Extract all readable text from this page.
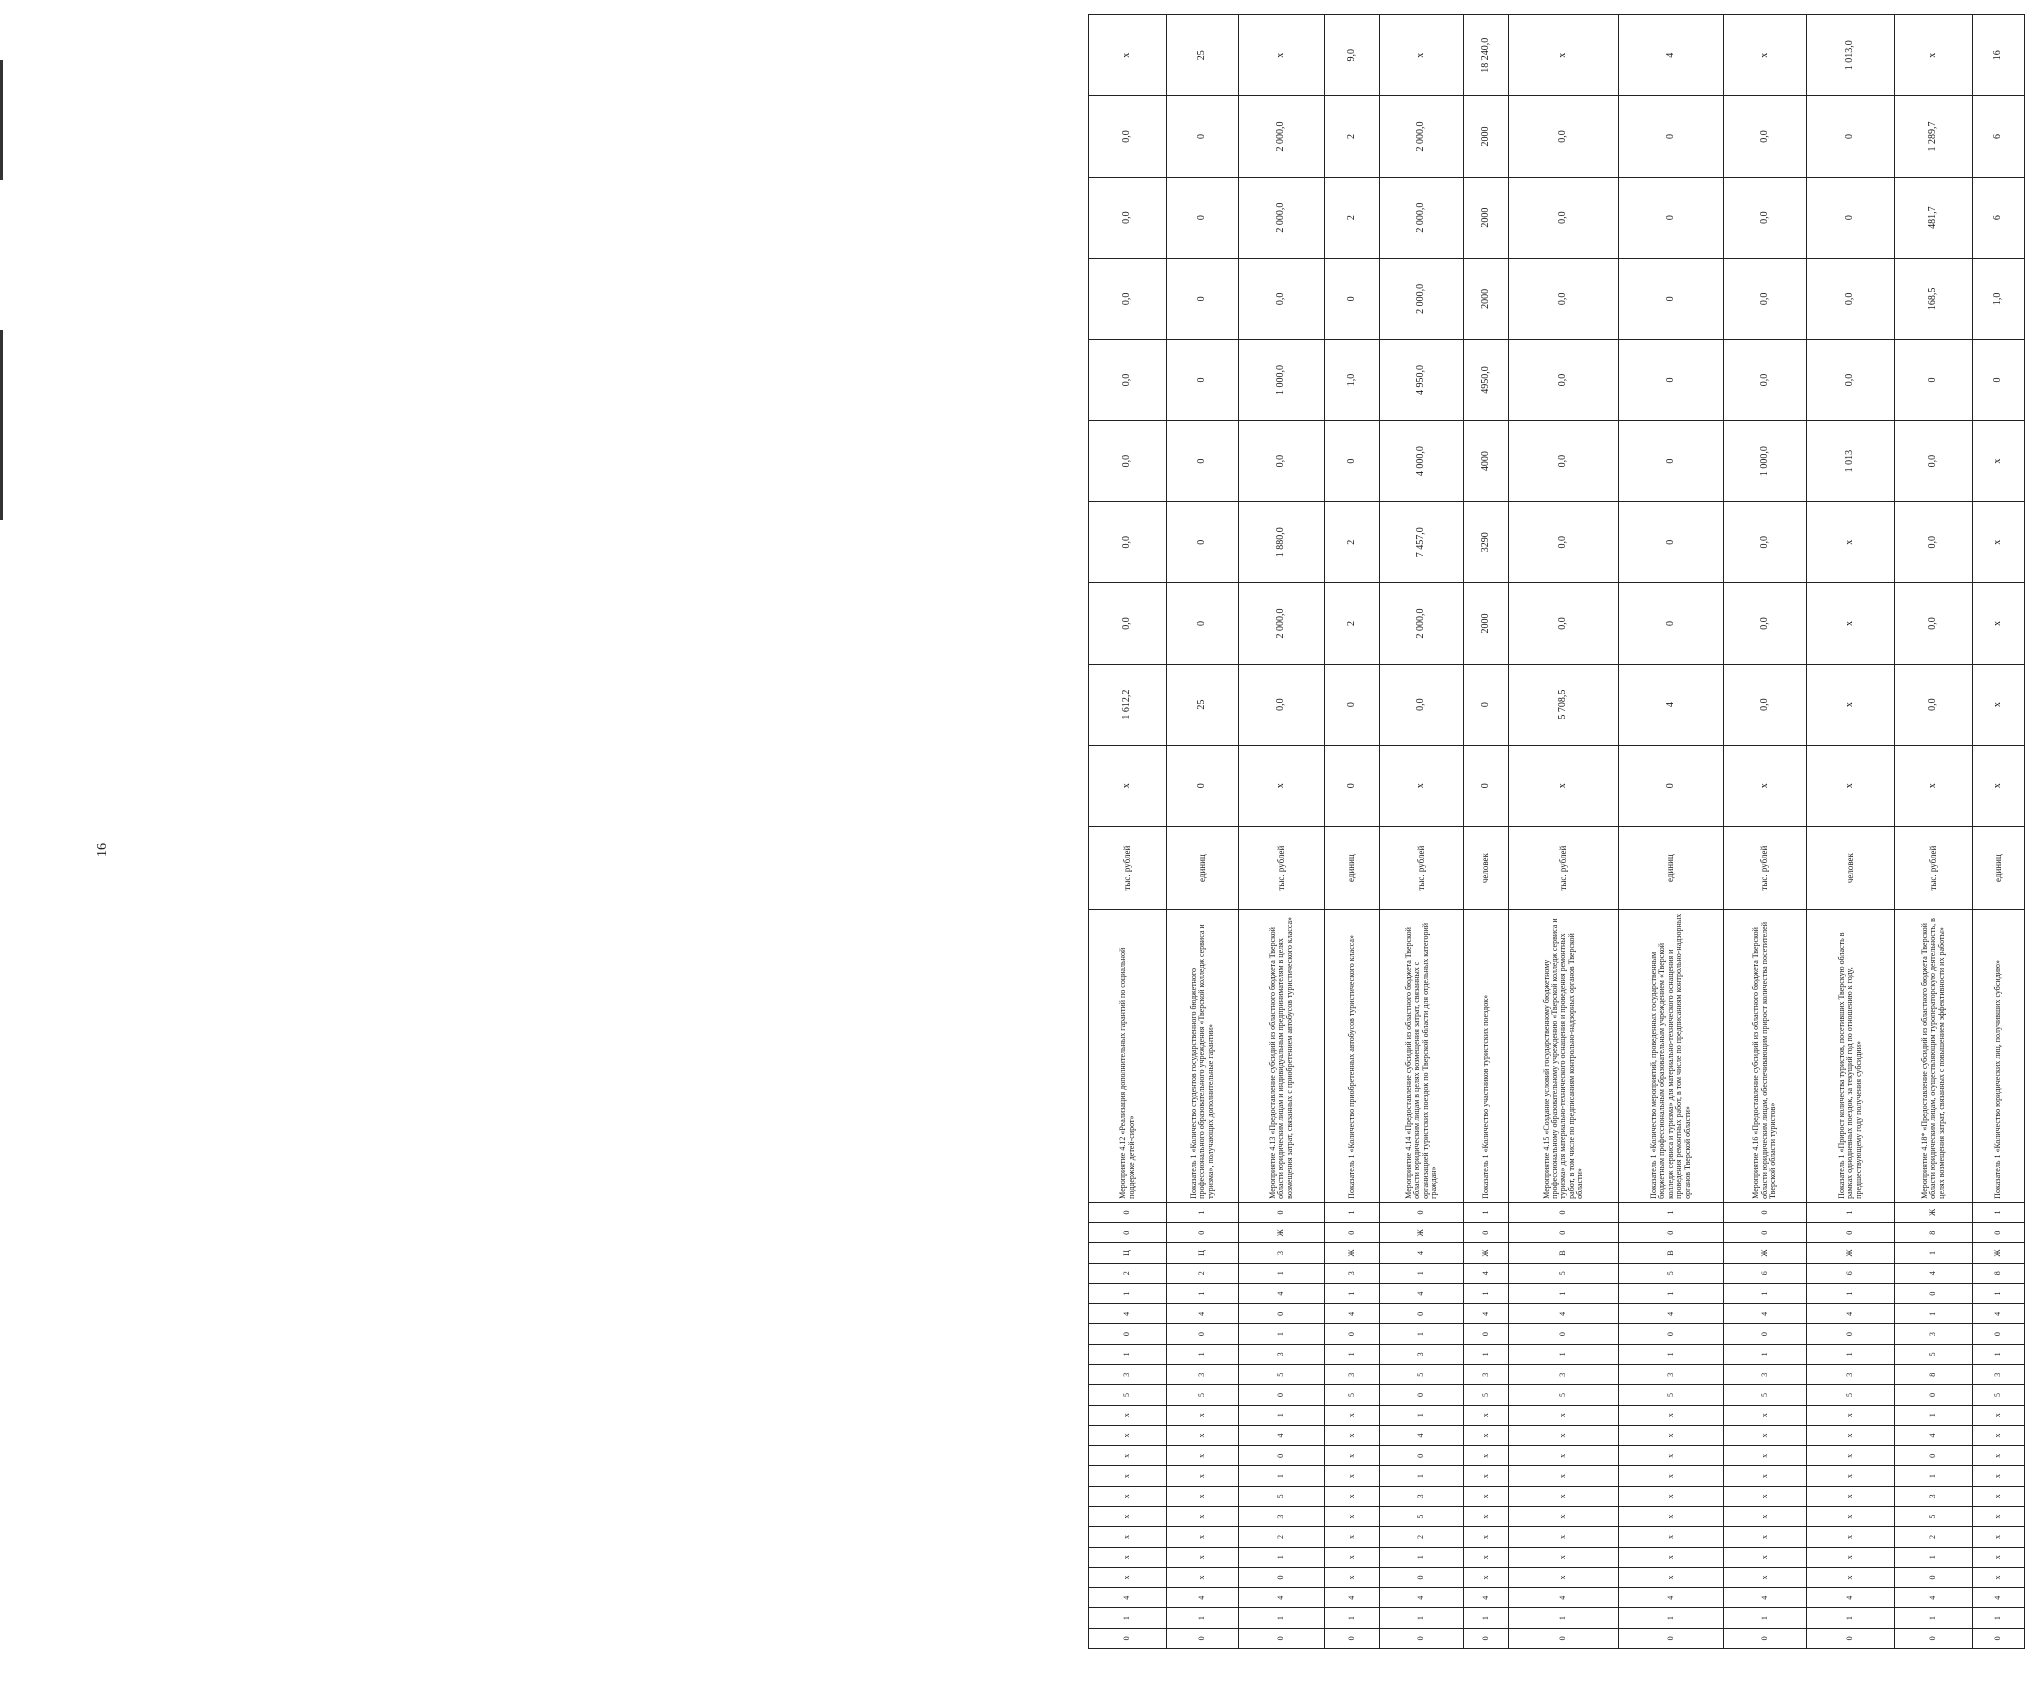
16
0	1	4	x	x	x	x	x	x	x	x	x	5	3	1	0	4	1	2	Ц	0	0	Мероприятие 4.12 «Реализация дополнительных гарантий по социальной поддержке детей-сирот»	тыс. рублей	x	1 612,2	0,0	0,0	0,0	0,0	0,0	0,0	0,0	x
0	1	4	x	x	x	x	x	x	x	x	x	5	3	1	0	4	1	2	Ц	0	1	Показатель 1 «Количество студентов государственного бюджетного профессионального образовательного учреждения «Тверской колледж сервиса и туризма», получающих дополнительные гарантии»	единиц	0	25	0	0	0	0	0	0	0	25
0	1	4	0	1	2	3	5	1	0	4	1	0	5	3	1	0	4	1	3	Ж	0	Мероприятие 4.13 «Предоставление субсидий из областного бюджета Тверской области юридическим лицам и индивидуальным предпринимателям в целях возмещения затрат, связанных с приобретением автобусов туристического класса»	тыс. рублей	x	0,0	2 000,0	1 880,0	0,0	1 000,0	0,0	2 000,0	2 000,0	x
0	1	4	x	x	x	x	x	x	x	x	x	5	3	1	0	4	1	3	Ж	0	1	Показатель 1 «Количество приобретенных автобусов туристического класса»	единиц	0	0	2	2	0	1,0	0	2	2	9,0
0	1	4	0	1	2	5	3	1	0	4	1	0	5	3	1	0	4	1	4	Ж	0	Мероприятие 4.14 «Предоставление субсидий из областного бюджета Тверской области юридическим лицам в целях возмещения затрат, связанных с организацией туристских поездок по Тверской области для отдельных категорий граждан»	тыс. рублей	x	0,0	2 000,0	7 457,0	4 000,0	4 950,0	2 000,0	2 000,0	2 000,0	x
0	1	4	x	x	x	x	x	x	x	x	x	5	3	1	0	4	1	4	Ж	0	1	Показатель 1 «Количество участников туристских поездок»	человек	0	0	2000	3290	4000	4950,0	2000	2000	2000	18 240,0
0	1	4	x	x	x	x	x	x	x	x	x	5	3	1	0	4	1	5	В	0	0	Мероприятие 4.15 «Создание условий государственному бюджетному профессиональному образовательному учреждению «Тверской колледж сервиса и туризма» для материально-технического оснащения и проведения ремонтных работ, в том числе по предписаниям контрольно-надзорных органов Тверской области»	тыс. рублей	x	5 708,5	0,0	0,0	0,0	0,0	0,0	0,0	0,0	x
0	1	4	x	x	x	x	x	x	x	x	x	5	3	1	0	4	1	5	В	0	1	Показатель 1 «Количество мероприятий, проведенных государственным бюджетным профессиональным образовательным учреждением «Тверской колледж сервиса и туризма» для материально-технического оснащения и проведения ремонтных работ, в том числе по предписаниям контрольно-надзорных органов Тверской области»	единиц	0	4	0	0	0	0	0	0	0	4
0	1	4	x	x	x	x	x	x	x	x	x	5	3	1	0	4	1	6	Ж	0	0	Мероприятие 4.16 «Предоставление субсидий из областного бюджета Тверской области юридическим лицам, обеспечивающим прирост количества посетителей Тверской области туристов»	тыс. рублей	x	0,0	0,0	0,0	1 000,0	0,0	0,0	0,0	0,0	x
0	1	4	x	x	x	x	x	x	x	x	x	5	3	1	0	4	1	6	Ж	0	1	Показатель 1 «Прирост количества туристов, посетивших Тверскую область в рамках однодневных поездок, за текущий год по отношению к году, предшествующему году получения субсидии»	человек	x	x	x	x	1 013	0,0	0,0	0	0	1 013,0
0	1	4	0	1	2	5	3	1	0	4	1	0	8	5	3	1	0	4	1	8	Ж	Мероприятие 4.18* «Предоставление субсидий из областного бюджета Тверской области юридическим лицам, осуществляющим туроператорскую деятельность, в целях возмещения затрат, связанных с повышением эффективности их работы»	тыс. рублей	x	0,0	0,0	0,0	0,0	0	168,5	481,7	1 289,7	x
0	1	4	x	x	x	x	x	x	x	x	x	5	3	1	0	4	1	8	Ж	0	1	Показатель 1 «Количество юридических лиц, получивших субсидию»	единиц	x	x	x	x	x	0	1,0	6	6	16
